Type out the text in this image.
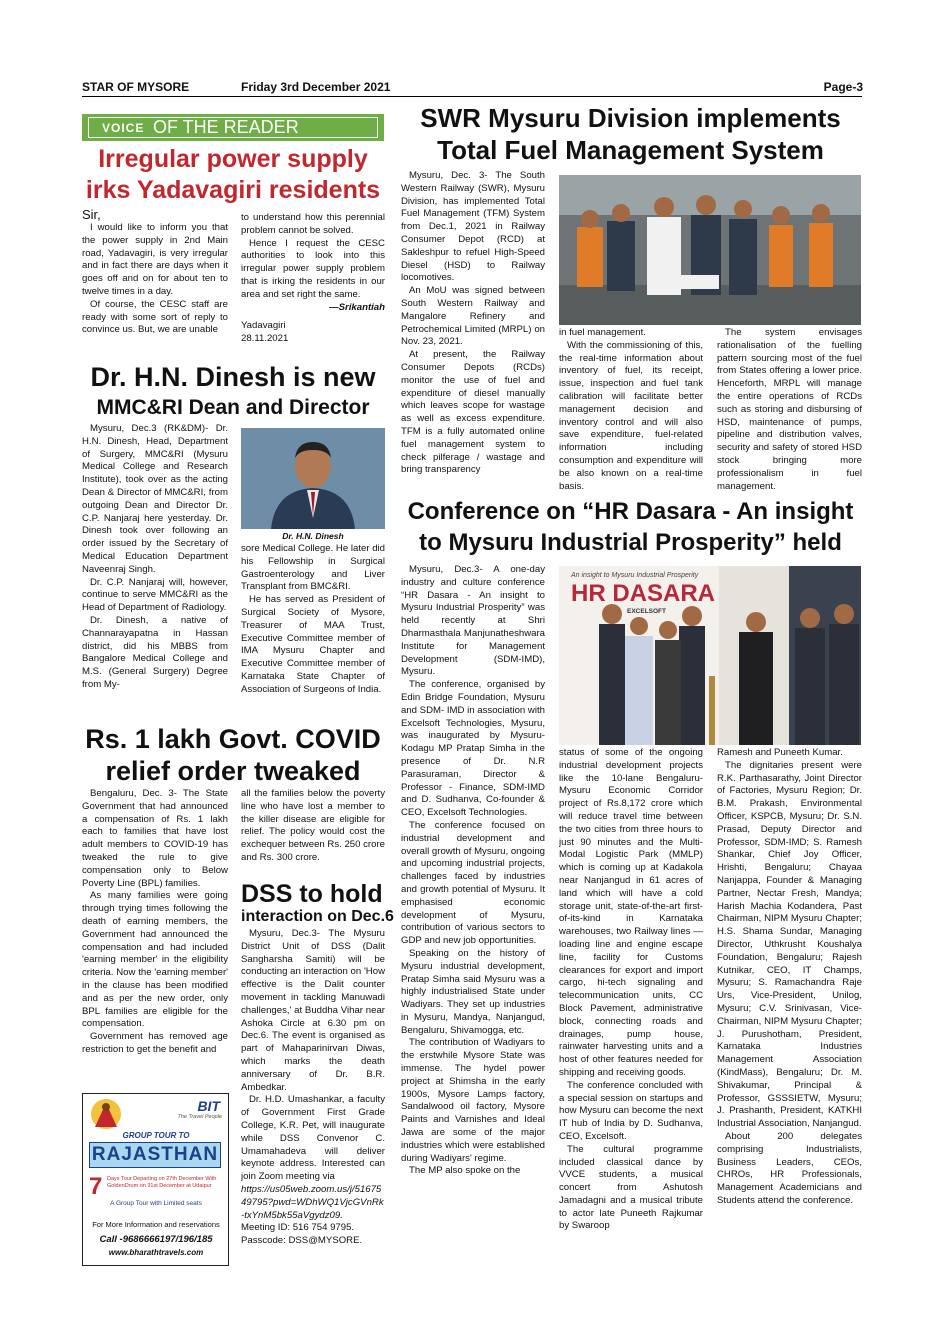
STAR OF MYSORE	Friday 3rd December 2021	Page-3
VOICE OF THE READER
Irregular power supply
irks Yadavagiri residents

Sir,

I would like to inform you that the power supply in 2nd Main road, Yadavagiri, is very irregular and in fact there are days when it goes off and on for about ten to twelve times in a day.

Of course, the CESC staff are ready with some sort of reply to convince us. But, we are unable

to understand how this perennial problem cannot be solved.

Hence I request the CESC authorities to look into this irregular power supply problem that is irking the residents in our area and set right the same.

—Srikantiah

Yadavagiri

28.11.2021

Dr. H.N. Dinesh is new
MMC&RI Dean and Director

Mysuru, Dec.3 (RK&DM)- Dr. H.N. Dinesh, Head, Department of Surgery, MMC&RI (Mysuru Medical College and Research Institute), took over as the acting Dean & Director of MMC&RI, from outgoing Dean and Director Dr. C.P. Nanjaraj here yesterday. Dr. Dinesh took over following an order issued by the Secretary of Medical Education Department Naveenraj Singh.

Dr. C.P. Nanjaraj will, however, continue to serve MMC&RI as the Head of Department of Radiology.

Dr. Dinesh, a native of Channarayapatna in Hassan district, did his MBBS from Bangalore Medical College and M.S. (General Surgery) Degree from My-

Dr. H.N. Dinesh

sore Medical College. He later did his Fellowship in Surgical Gastroenterology and Liver Transplant from BMC&RI.

He has served as President of Surgical Society of Mysore, Treasurer of MAA Trust, Executive Committee member of IMA Mysuru Chapter and Executive Committee member of Karnataka State Chapter of Association of Surgeons of India.

Rs. 1 lakh Govt. COVID
relief order tweaked

Bengaluru, Dec. 3- The State Government that had announced a compensation of Rs. 1 lakh each to families that have lost adult members to COVID-19 has tweaked the rule to give compensation only to Below Poverty Line (BPL) families.

As many families were going through trying times following the death of earning members, the Government had announced the compensation and had included 'earning member' in the eligibility criteria. Now the 'earning member' in the clause has been modified and as per the new order, only BPL families are eligible for the compensation.

Government has removed age restriction to get the benefit and

all the families below the poverty line who have lost a member to the killer disease are eligible for relief. The policy would cost the exchequer between Rs. 250 crore and Rs. 300 crore.

DSS to hold
interaction on Dec.6

Mysuru, Dec.3- The Mysuru District Unit of DSS (Dalit Sangharsha Samiti) will be conducting an interaction on 'How effective is the Dalit counter movement in tackling Manuwadi challenges,' at Buddha Vihar near Ashoka Circle at 6.30 pm on Dec.6. The event is organised as part of Mahaparinirvan Diwas, which marks the death anniversary of Dr. B.R. Ambedkar.

Dr. H.D. Umashankar, a faculty of Government First Grade College, K.R. Pet, will inaugurate while DSS Convenor C. Umamahadeva will deliver keynote address. Interested can join Zoom meeting via

https://us05web.zoom.us/j/5167549795?pwd=WDhWQ1VjcGVnRk-txYnM5bk55aVgydz09.

Meeting ID: 516 754 9795.

Passcode: DSS@MYSORE.

BIT
The Travel People
GROUP TOUR TO
RAJASTHAN
7 Days Tour Departing on 27th December With GoldenDrum on 31st December at Udaipur
A Group Tour with Limited seats
For More Information and reservations
Call -9686666197/196/185
www.bharathtravels.com
SWR Mysuru Division implements
Total Fuel Management System

Mysuru, Dec. 3- The South Western Railway (SWR), Mysuru Division, has implemented Total Fuel Management (TFM) System from Dec.1, 2021 in Railway Consumer Depot (RCD) at Sakleshpur to refuel High-Speed Diesel (HSD) to Railway locomotives.

An MoU was signed between South Western Railway and Mangalore Refinery and Petrochemical Limited (MRPL) on Nov. 23, 2021.

At present, the Railway Consumer Depots (RCDs) monitor the use of fuel and expenditure of diesel manually which leaves scope for wastage as well as excess expenditure. TFM is a fully automated online fuel management system to check pilferage / wastage and bring transparency

in fuel management.

With the commissioning of this, the real-time information about inventory of fuel, its receipt, issue, inspection and fuel tank calibration will facilitate better management decision and inventory control and will also save expenditure, fuel-related information including consumption and expenditure will be also known on a real-time basis.

The system envisages rationalisation of the fuelling pattern sourcing most of the fuel from States offering a lower price. Henceforth, MRPL will manage the entire operations of RCDs such as storing and disbursing of HSD, maintenance of pumps, pipeline and distribution valves, security and safety of stored HSD stock bringing more professionalism in fuel management.

Conference on “HR Dasara - An insight
to Mysuru Industrial Prosperity” held

Mysuru, Dec.3- A one-day industry and culture conference “HR Dasara - An insight to Mysuru Industrial Prosperity” was held recently at Shri Dharmasthala Manjunatheshwara Institute for Management Development (SDM-IMD), Mysuru.

The conference, organised by Edin Bridge Foundation, Mysuru and SDM- IMD in association with Excelsoft Technologies, Mysuru, was inaugurated by Mysuru-Kodagu MP Pratap Simha in the presence of Dr. N.R Parasuraman, Director & Professor - Finance, SDM-IMD and D. Sudhanva, Co-founder & CEO, Excelsoft Technologies.

The conference focused on industrial development and overall growth of Mysuru, ongoing and upcoming industrial projects, challenges faced by industries and growth potential of Mysuru. It emphasised economic development of Mysuru, contribution of various sectors to GDP and new job opportunities.

Speaking on the history of Mysuru industrial development, Pratap Simha said Mysuru was a highly industrialised State under Wadiyars. They set up industries in Mysuru, Mandya, Nanjangud, Bengaluru, Shivamogga, etc.

The contribution of Wadiyars to the erstwhile Mysore State was immense. The hydel power project at Shimsha in the early 1900s, Mysore Lamps factory, Sandalwood oil factory, Mysore Paints and Varnishes and Ideal Jawa are some of the major industries which were established during Wadiyars' regime.

The MP also spoke on the

An insight to Mysuru Industrial Prosperity
HR DASARA
EXCELSOFT

status of some of the ongoing industrial development projects like the 10-lane Bengaluru-Mysuru Economic Corridor project of Rs.8,172 crore which will reduce travel time between the two cities from three hours to just 90 minutes and the Multi-Modal Logistic Park (MMLP) which is coming up at Kadakola near Nanjangud in 61 acres of land which will have a cold storage unit, state-of-the-art first-of-its-kind in Karnataka warehouses, two Railway lines — loading line and engine escape line, facility for Customs clearances for export and import cargo, hi-tech signaling and telecommunication units, CC Block Pavement, administrative block, connecting roads and drainages, pump house, rainwater harvesting units and a host of other features needed for shipping and receiving goods.

The conference concluded with a special session on startups and how Mysuru can become the next IT hub of India by D. Sudhanva, CEO, Excelsoft.

The cultural programme included classical dance by VVCE students, a musical concert from Ashutosh Jamadagni and a musical tribute to actor late Puneeth Rajkumar by Swaroop

Ramesh and Puneeth Kumar.

The dignitaries present were R.K. Parthasarathy, Joint Director of Factories, Mysuru Region; Dr. B.M. Prakash, Environmental Officer, KSPCB, Mysuru; Dr. S.N. Prasad, Deputy Director and Professor, SDM-IMD; S. Ramesh Shankar, Chief Joy Officer, Hrishti, Bengaluru; Chayaa Nanjappa, Founder & Managing Partner, Nectar Fresh, Mandya; Harish Machia Kodandera, Past Chairman, NIPM Mysuru Chapter; H.S. Shama Sundar, Managing Director, Uthkrusht Koushalya Foundation, Bengaluru; Rajesh Kutnikar, CEO, IT Champs, Mysuru; S. Ramachandra Raje Urs, Vice-President, Unilog, Mysuru; C.V. Srinivasan, Vice-Chairman, NIPM Mysuru Chapter; J. Purushotham, President, Karnataka Industries Management Association (KindMass), Bengaluru; Dr. M. Shivakumar, Principal & Professor, GSSSIETW, Mysuru; J. Prashanth, President, KATKHI Industrial Association, Nanjangud.

About 200 delegates comprising Industrialists, Business Leaders, CEOs, CHROs, HR Professionals, Management Academicians and Students attend the conference.
